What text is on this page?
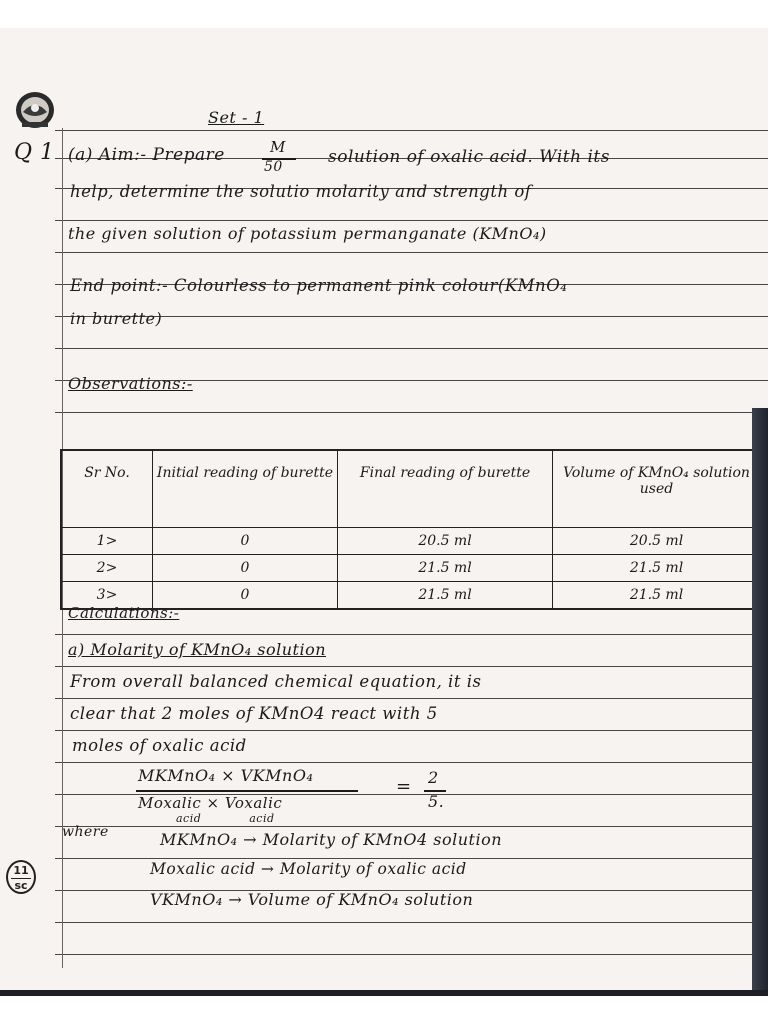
Set - 1
Q 1 (a) Aim:- Prepare	M
50	solution of oxalic acid. With its
help, determine the solutio molarity and strength of
the given solution of potassium permanganate (KMnO₄)
End point:- Colourless to permanent pink colour(KMnO₄
in burette)
Observations:-
Sr No.	Initial reading of burette	Final reading of burette	Volume of KMnO₄ solution used
1>	0	20.5 ml	20.5 ml
2>	0	21.5 ml	21.5 ml
3>	0	21.5 ml	21.5 ml
Calculations:-
a) Molarity of KMnO₄ solution
From overall balanced chemical equation, it is
clear that 2 moles of KMnO4 react with 5
moles of oxalic acid
MKMnO₄ × VKMnO₄
Moxalic × Voxalic
acid            acid
= 2
5.
where	MKMnO₄ → Molarity of KMnO4 solution
Moxalic acid → Molarity of oxalic acid
VKMnO₄ → Volume of KMnO₄ solution
11
sc
